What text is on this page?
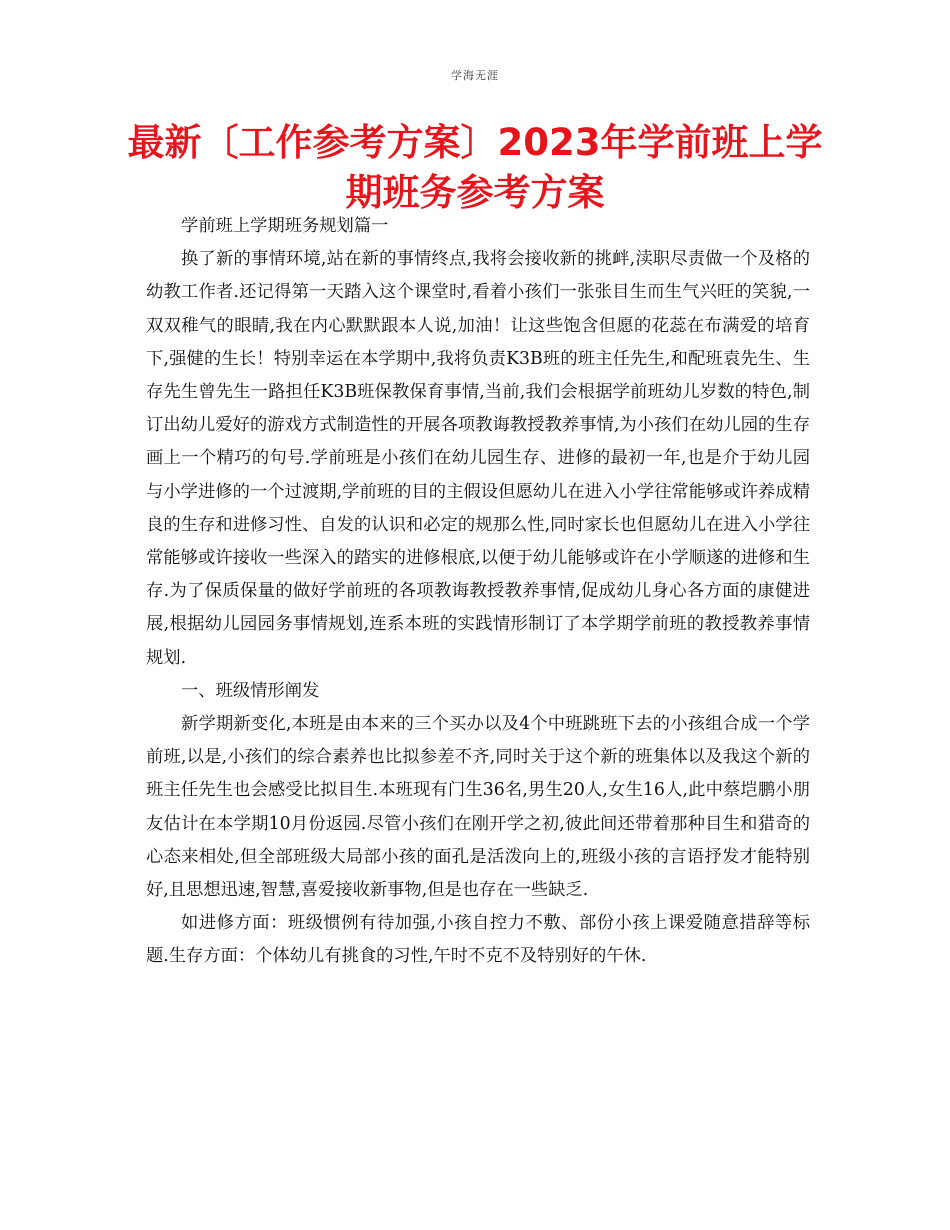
学海无涯
最新〔工作参考方案〕2023年学前班上学期班务参考方案

学前班上学期班务规划篇一

换了新的事情环境,站在新的事情终点,我将会接收新的挑衅,渎职尽责做一个及格的幼教工作者.还记得第一天踏入这个课堂时,看着小孩们一张张目生而生气兴旺的笑貌,一双双稚气的眼睛,我在内心默默跟本人说,加油！让这些饱含但愿的花蕊在布满爱的培育下,强健的生长！特别幸运在本学期中,我将负责K3B班的班主任先生,和配班袁先生、生存先生曾先生一路担任K3B班保教保育事情,当前,我们会根据学前班幼儿岁数的特色,制订出幼儿爱好的游戏方式制造性的开展各项教诲教授教养事情,为小孩们在幼儿园的生存画上一个精巧的句号.学前班是小孩们在幼儿园生存、进修的最初一年,也是介于幼儿园与小学进修的一个过渡期,学前班的目的主假设但愿幼儿在进入小学往常能够或许养成精良的生存和进修习性、自发的认识和必定的规那么性,同时家长也但愿幼儿在进入小学往常能够或许接收一些深入的踏实的进修根底,以便于幼儿能够或许在小学顺遂的进修和生存.为了保质保量的做好学前班的各项教诲教授教养事情,促成幼儿身心各方面的康健进展,根据幼儿园园务事情规划,连系本班的实践情形制订了本学期学前班的教授教养事情规划.

一、班级情形阐发

新学期新变化,本班是由本来的三个买办以及4个中班跳班下去的小孩组合成一个学前班,以是,小孩们的综合素养也比拟参差不齐,同时关于这个新的班集体以及我这个新的班主任先生也会感受比拟目生.本班现有门生36名,男生20人,女生16人,此中蔡垲鹏小朋友估计在本学期10月份返园.尽管小孩们在刚开学之初,彼此间还带着那种目生和猎奇的心态来相处,但全部班级大局部小孩的面孔是活泼向上的,班级小孩的言语抒发才能特别好,且思想迅速,智慧,喜爱接收新事物,但是也存在一些缺乏.

如进修方面：班级惯例有待加强,小孩自控力不敷、部份小孩上课爱随意措辞等标题.生存方面：个体幼儿有挑食的习性,午时不克不及特别好的午休.
